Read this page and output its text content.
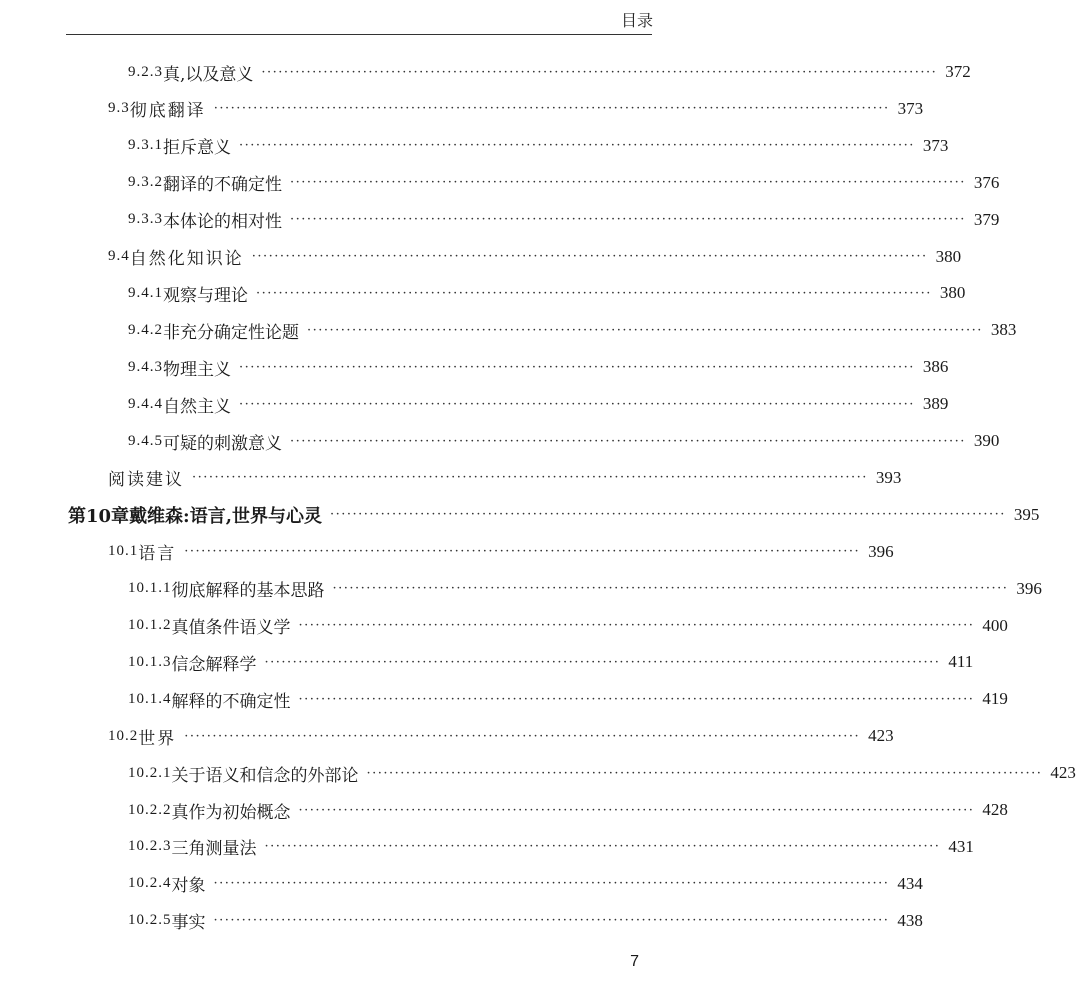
目录
9.2.3 真,以及意义 ························································································································ 372
9.3 彻底翻译 ························································································································ 373
9.3.1 拒斥意义 ························································································································ 373
9.3.2 翻译的不确定性 ························································································································ 376
9.3.3 本体论的相对性 ························································································································ 379
9.4 自然化知识论 ························································································································ 380
9.4.1 观察与理论 ························································································································ 380
9.4.2 非充分确定性论题 ························································································································ 383
9.4.3 物理主义 ························································································································ 386
9.4.4 自然主义 ························································································································ 389
9.4.5 可疑的刺激意义 ························································································································ 390
阅读建议 ························································································································ 393
第10章 戴维森:语言,世界与心灵 ························································································································ 395
10.1 语言 ························································································································ 396
10.1.1 彻底解释的基本思路 ························································································································ 396
10.1.2 真值条件语义学 ························································································································ 400
10.1.3 信念解释学 ························································································································ 411
10.1.4 解释的不确定性 ························································································································ 419
10.2 世界 ························································································································ 423
10.2.1 关于语义和信念的外部论 ························································································································ 423
10.2.2 真作为初始概念 ························································································································ 428
10.2.3 三角测量法 ························································································································ 431
10.2.4 对象 ························································································································ 434
10.2.5 事实 ························································································································ 438
7
